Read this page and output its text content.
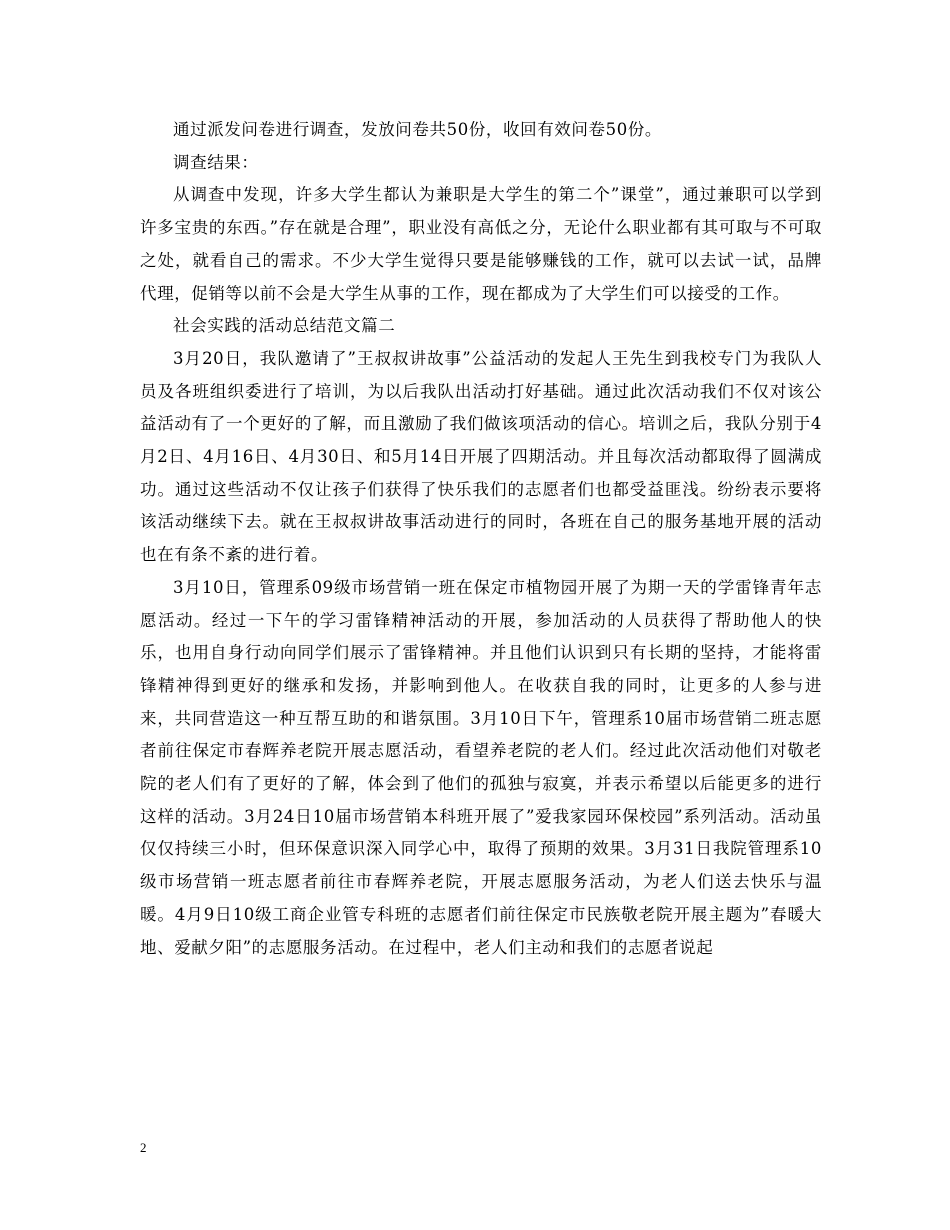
通过派发问卷进行调查，发放问卷共50份，收回有效问卷50份。

调查结果：

从调查中发现，许多大学生都认为兼职是大学生的第二个”课堂”，通过兼职可以学到许多宝贵的东西。”存在就是合理”，职业没有高低之分，无论什么职业都有其可取与不可取之处，就看自己的需求。不少大学生觉得只要是能够赚钱的工作，就可以去试一试，品牌代理，促销等以前不会是大学生从事的工作，现在都成为了大学生们可以接受的工作。

社会实践的活动总结范文篇二

3月20日，我队邀请了”王叔叔讲故事”公益活动的发起人王先生到我校专门为我队人员及各班组织委进行了培训，为以后我队出活动打好基础。通过此次活动我们不仅对该公益活动有了一个更好的了解，而且激励了我们做该项活动的信心。培训之后，我队分别于4月2日、4月16日、4月30日、和5月14日开展了四期活动。并且每次活动都取得了圆满成功。通过这些活动不仅让孩子们获得了快乐我们的志愿者们也都受益匪浅。纷纷表示要将该活动继续下去。就在王叔叔讲故事活动进行的同时，各班在自己的服务基地开展的活动也在有条不紊的进行着。

3月10日，管理系09级市场营销一班在保定市植物园开展了为期一天的学雷锋青年志愿活动。经过一下午的学习雷锋精神活动的开展，参加活动的人员获得了帮助他人的快乐，也用自身行动向同学们展示了雷锋精神。并且他们认识到只有长期的坚持，才能将雷锋精神得到更好的继承和发扬，并影响到他人。在收获自我的同时，让更多的人参与进来，共同营造这一种互帮互助的和谐氛围。3月10日下午，管理系10届市场营销二班志愿者前往保定市春辉养老院开展志愿活动，看望养老院的老人们。经过此次活动他们对敬老院的老人们有了更好的了解，体会到了他们的孤独与寂寞，并表示希望以后能更多的进行这样的活动。3月24日10届市场营销本科班开展了”爱我家园环保校园”系列活动。活动虽仅仅持续三小时，但环保意识深入同学心中，取得了预期的效果。3月31日我院管理系10级市场营销一班志愿者前往市春辉养老院，开展志愿服务活动，为老人们送去快乐与温暖。4月9日10级工商企业管专科班的志愿者们前往保定市民族敬老院开展主题为”春暖大地、爱献夕阳”的志愿服务活动。在过程中，老人们主动和我们的志愿者说起

2
